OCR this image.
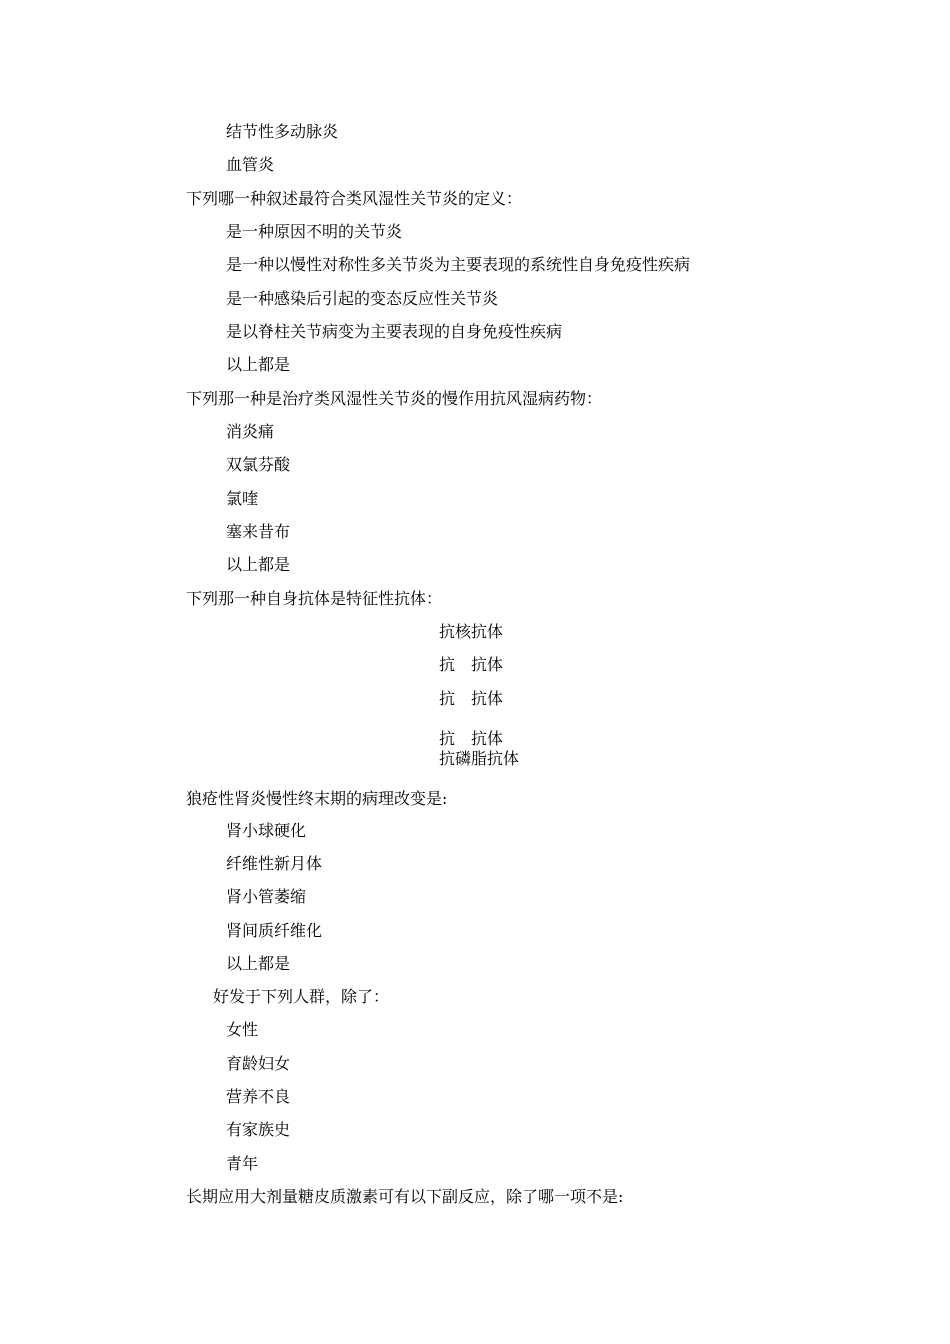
结节性多动脉炎
血管炎
下列哪一种叙述最符合类风湿性关节炎的定义：
是一种原因不明的关节炎
是一种以慢性对称性多关节炎为主要表现的系统性自身免疫性疾病
是一种感染后引起的变态反应性关节炎
是以脊柱关节病变为主要表现的自身免疫性疾病
以上都是
下列那一种是治疗类风湿性关节炎的慢作用抗风湿病药物：
消炎痛
双氯芬酸
氯喹
塞来昔布
以上都是
下列那一种自身抗体是特征性抗体：
抗核抗体
抗　抗体
抗　抗体
抗　抗体
抗磷脂抗体
狼疮性肾炎慢性终末期的病理改变是:
肾小球硬化
纤维性新月体
肾小管萎缩
肾间质纤维化
以上都是
好发于下列人群，除了：
女性
育龄妇女
营养不良
有家族史
青年
长期应用大剂量糖皮质激素可有以下副反应，除了哪一项不是:
